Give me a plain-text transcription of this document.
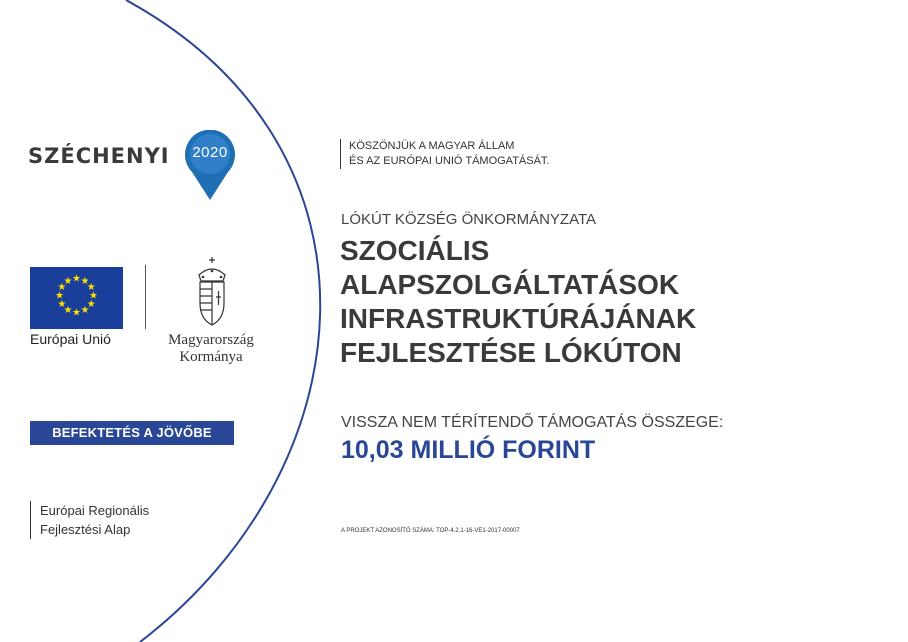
SZÉCHENYI	2020
★ ★
★
★
★
★
★
★
★
★
★
★
Európai Unió	Magyarország
Kormánya
BEFEKTETÉS A JÖVŐBE
Európai Regionális
Fejlesztési Alap
KÖSZÖNJÜK A MAGYAR ÁLLAM
ÉS AZ EURÓPAI UNIÓ TÁMOGATÁSÁT.
LÓKÚT KÖZSÉG ÖNKORMÁNYZATA
SZOCIÁLIS
ALAPSZOLGÁLTATÁSOK
INFRASTRUKTÚRÁJÁNAK
FEJLESZTÉSE LÓKÚTON
VISSZA NEM TÉRÍTENDŐ TÁMOGATÁS ÖSSZEGE:
10,03 MILLIÓ FORINT
A PROJEKT AZONOSÍTÓ SZÁMA: TOP-4.2.1-16-VE1-2017-00007
